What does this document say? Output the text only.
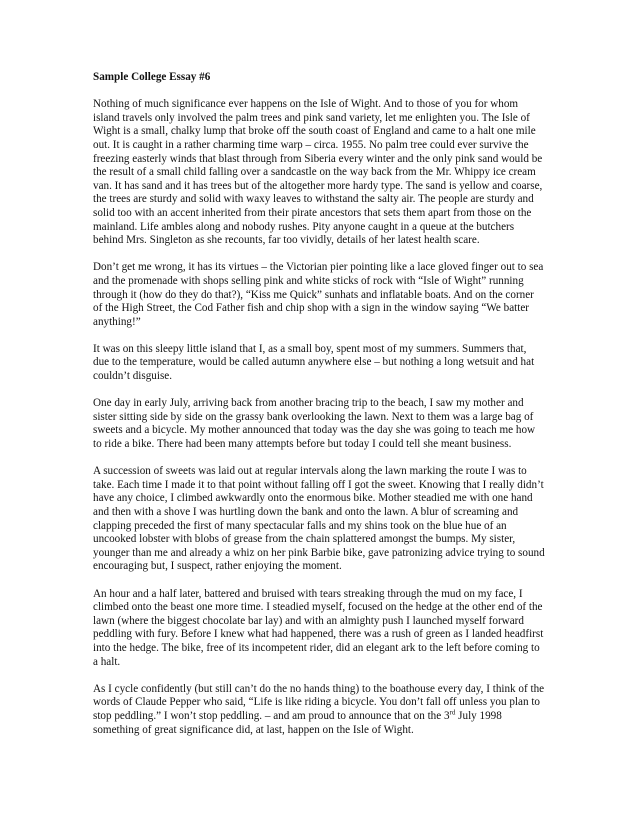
Sample College Essay #6

Nothing of much significance ever happens on the Isle of Wight. And to those of you for whom island travels only involved the palm trees and pink sand variety, let me enlighten you. The Isle of Wight is a small, chalky lump that broke off the south coast of England and came to a halt one mile out. It is caught in a rather charming time warp – circa. 1955. No palm tree could ever survive the freezing easterly winds that blast through from Siberia every winter and the only pink sand would be the result of a small child falling over a sandcastle on the way back from the Mr. Whippy ice cream van. It has sand and it has trees but of the altogether more hardy type. The sand is yellow and coarse, the trees are sturdy and solid with waxy leaves to withstand the salty air. The people are sturdy and solid too with an accent inherited from their pirate ancestors that sets them apart from those on the mainland. Life ambles along and nobody rushes. Pity anyone caught in a queue at the butchers behind Mrs. Singleton as she recounts, far too vividly, details of her latest health scare.

Don’t get me wrong, it has its virtues – the Victorian pier pointing like a lace gloved finger out to sea and the promenade with shops selling pink and white sticks of rock with “Isle of Wight” running through it (how do they do that?), “Kiss me Quick” sunhats and inflatable boats. And on the corner of the High Street, the Cod Father fish and chip shop with a sign in the window saying “We batter anything!”

It was on this sleepy little island that I, as a small boy, spent most of my summers. Summers that, due to the temperature, would be called autumn anywhere else – but nothing a long wetsuit and hat couldn’t disguise.

One day in early July, arriving back from another bracing trip to the beach, I saw my mother and sister sitting side by side on the grassy bank overlooking the lawn. Next to them was a large bag of sweets and a bicycle. My mother announced that today was the day she was going to teach me how to ride a bike. There had been many attempts before but today I could tell she meant business.

A succession of sweets was laid out at regular intervals along the lawn marking the route I was to take. Each time I made it to that point without falling off I got the sweet. Knowing that I really didn’t have any choice, I climbed awkwardly onto the enormous bike. Mother steadied me with one hand and then with a shove I was hurtling down the bank and onto the lawn. A blur of screaming and clapping preceded the first of many spectacular falls and my shins took on the blue hue of an uncooked lobster with blobs of grease from the chain splattered amongst the bumps. My sister, younger than me and already a whiz on her pink Barbie bike, gave patronizing advice trying to sound encouraging but, I suspect, rather enjoying the moment.

An hour and a half later, battered and bruised with tears streaking through the mud on my face, I climbed onto the beast one more time. I steadied myself, focused on the hedge at the other end of the lawn (where the biggest chocolate bar lay) and with an almighty push I launched myself forward peddling with fury. Before I knew what had happened, there was a rush of green as I landed headfirst into the hedge. The bike, free of its incompetent rider, did an elegant ark to the left before coming to a halt.

As I cycle confidently (but still can’t do the no hands thing) to the boathouse every day, I think of the words of Claude Pepper who said, “Life is like riding a bicycle. You don’t fall off unless you plan to stop peddling.” I won’t stop peddling. – and am proud to announce that on the 3rd July 1998 something of great significance did, at last, happen on the Isle of Wight.
